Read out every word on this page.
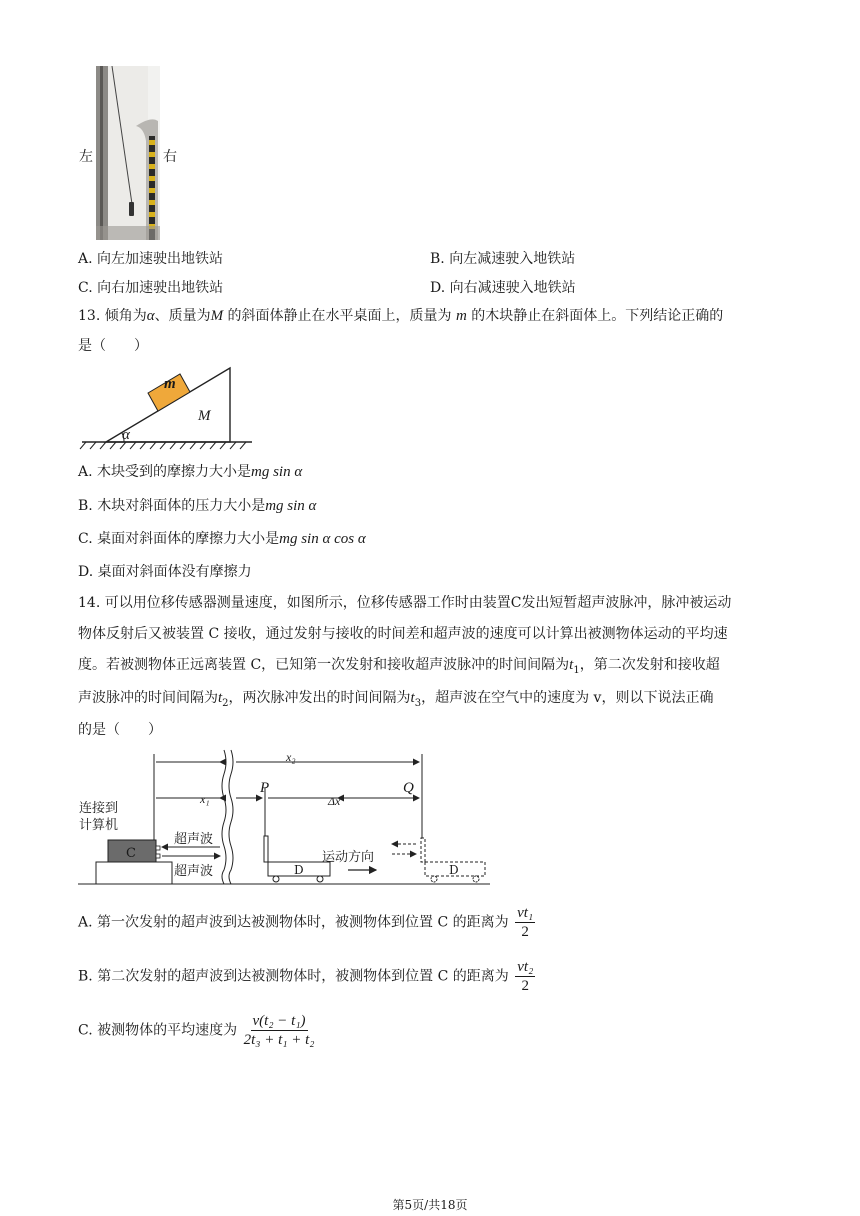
左	右
A. 向左加速驶出地铁站	B. 向左减速驶入地铁站
C. 向右加速驶出地铁站	D. 向右减速驶入地铁站
13. 倾角为α、质量为M 的斜面体静止在水平桌面上，质量为 m 的木块静止在斜面体上。下列结论正确的
是（　　）
m
M
α
A. 木块受到的摩擦力大小是mg sin α
B. 木块对斜面体的压力大小是mg sin α
C. 桌面对斜面体的摩擦力大小是mg sin α cos α
D. 桌面对斜面体没有摩擦力
14. 可以用位移传感器测量速度，如图所示，位移传感器工作时由装置C发出短暂超声波脉冲，脉冲被运动
物体反射后又被装置 C 接收，通过发射与接收的时间差和超声波的速度可以计算出被测物体运动的平均速
度。若被测物体正远离装置 C，已知第一次发射和接收超声波脉冲的时间间隔为$t_1$，第二次发射和接收超
声波脉冲的时间间隔为$t_2$，两次脉冲发出的时间间隔为$t_3$，超声波在空气中的速度为 v，则以下说法正确
的是（　　）
x₂
x₁
P
Δx
Q
连接到
计算机
超声波
超声波
C	运动方向
D	D
A. 第一次发射的超声波到达被测物体时，被测物体到位置 C 的距离为 $\frac{\text{vt₁}}{2}$
B. 第二次发射的超声波到达被测物体时，被测物体到位置 C 的距离为 $\frac{\text{vt₂}}{2}$
C. 被测物体的平均速度为 $\frac{\text{v(t₂ − t₁)}}{\text{2t₃ + t₁ + t₂}}$
第5页/共18页
